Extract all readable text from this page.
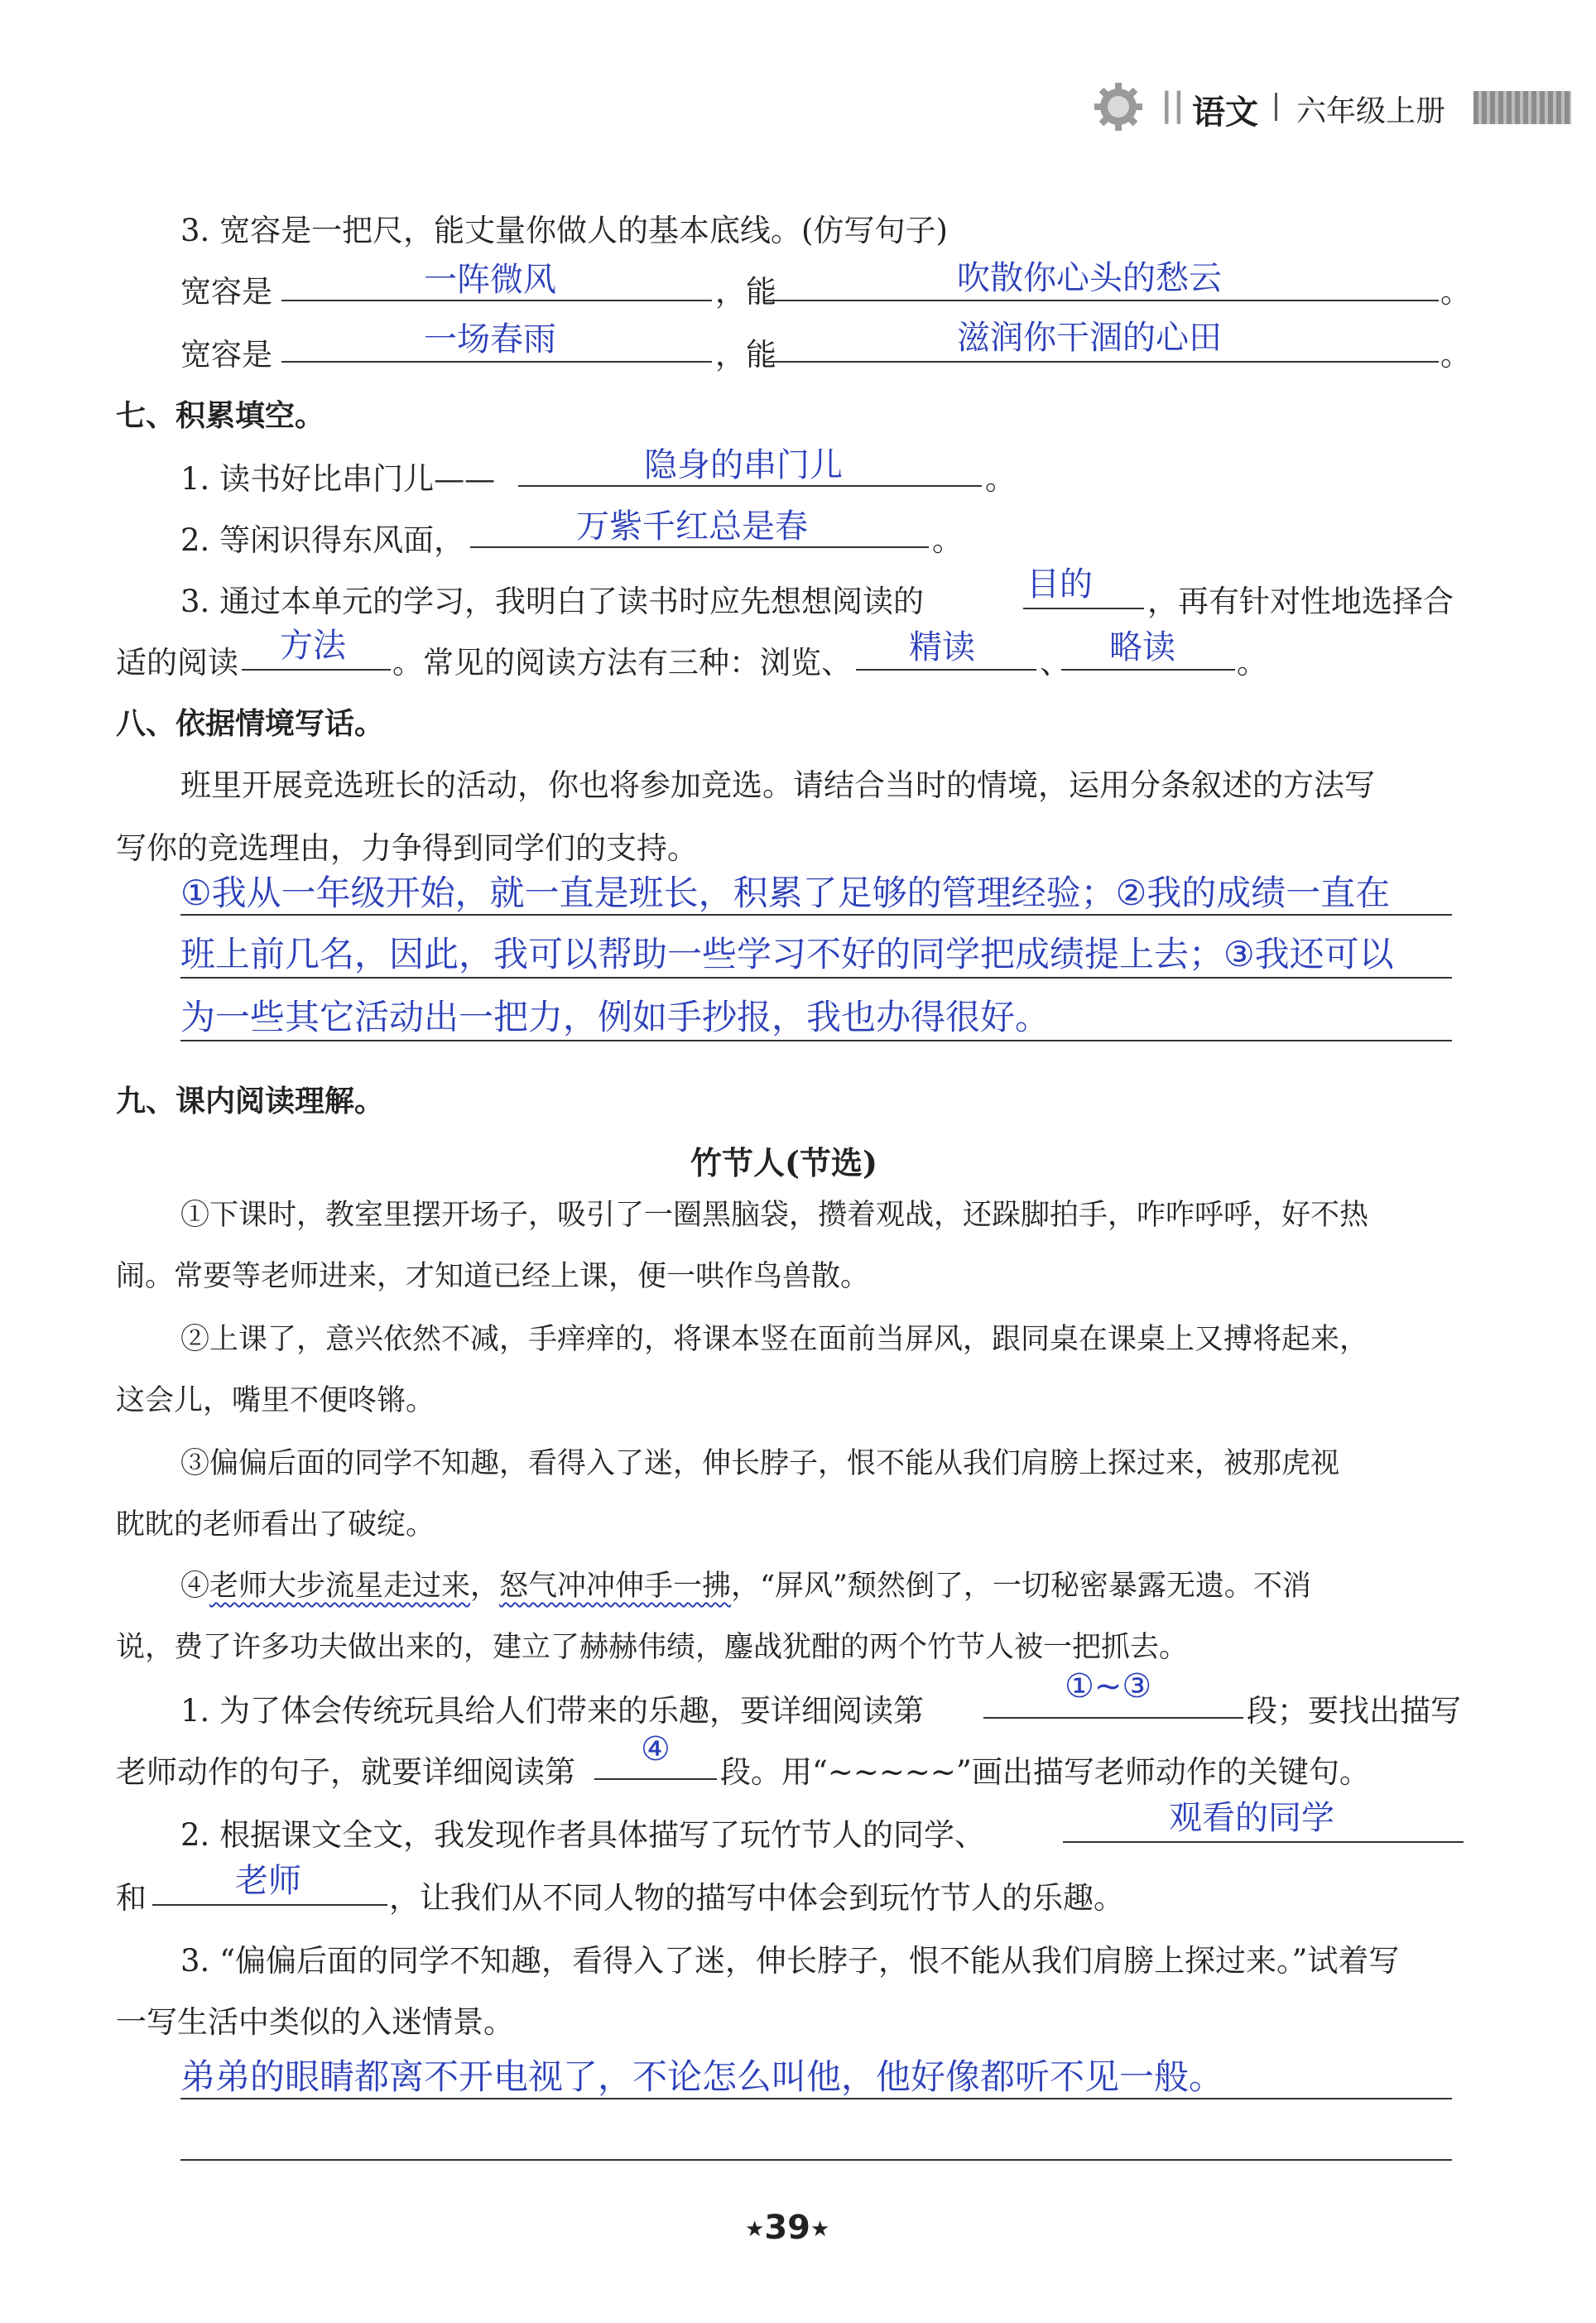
|| 语文 六年级上册
3. 宽容是一把尺，能丈量你做人的基本底线。(仿写句子)
宽容是	一阵微风	，能	吹散你心头的愁云	。
宽容是	一场春雨	，能	滋润你干涸的心田	。
七、积累填空。
1. 读书好比串门儿——	隐身的串门儿	。
2. 等闲识得东风面，	万紫千红总是春	。
3. 通过本单元的学习，我明白了读书时应先想想阅读的	目的 ，再有针对性地选择合
适的阅读 方法 。常见的阅读方法有三种：浏览、 精读 、 略读 。
八、依据情境写话。
班里开展竞选班长的活动，你也将参加竞选。请结合当时的情境，运用分条叙述的方法写
写你的竞选理由，力争得到同学们的支持。
①我从一年级开始，就一直是班长，积累了足够的管理经验；②我的成绩一直在
班上前几名，因此，我可以帮助一些学习不好的同学把成绩提上去；③我还可以
为一些其它活动出一把力，例如手抄报，我也办得很好。
九、课内阅读理解。
竹节人(节选)
①下课时，教室里摆开场子，吸引了一圈黑脑袋，攒着观战，还跺脚拍手，咋咋呼呼，好不热
闹。常要等老师进来，才知道已经上课，便一哄作鸟兽散。
②上课了，意兴依然不减，手痒痒的，将课本竖在面前当屏风，跟同桌在课桌上又搏将起来，
这会儿，嘴里不便咚锵。
③偏偏后面的同学不知趣，看得入了迷，伸长脖子，恨不能从我们肩膀上探过来，被那虎视
眈眈的老师看出了破绽。
④老师大步流星走过来，怒气冲冲伸手一拂，“屏风”颓然倒了，一切秘密暴露无遗。不消
说，费了许多功夫做出来的，建立了赫赫伟绩，鏖战犹酣的两个竹节人被一把抓去。
1. 为了体会传统玩具给人们带来的乐趣，要详细阅读第
①~③
段；要找出描写
老师动作的句子，就要详细阅读第
④
段。用“~~~~~”画出描写老师动作的关键句。
2. 根据课文全文，我发现作者具体描写了玩竹节人的同学、	观看的同学
和	老师	，让我们从不同人物的描写中体会到玩竹节人的乐趣。
3. “偏偏后面的同学不知趣，看得入了迷，伸长脖子，恨不能从我们肩膀上探过来。”试着写
一写生活中类似的入迷情景。
弟弟的眼睛都离不开电视了，不论怎么叫他，他好像都听不见一般。
★39★
